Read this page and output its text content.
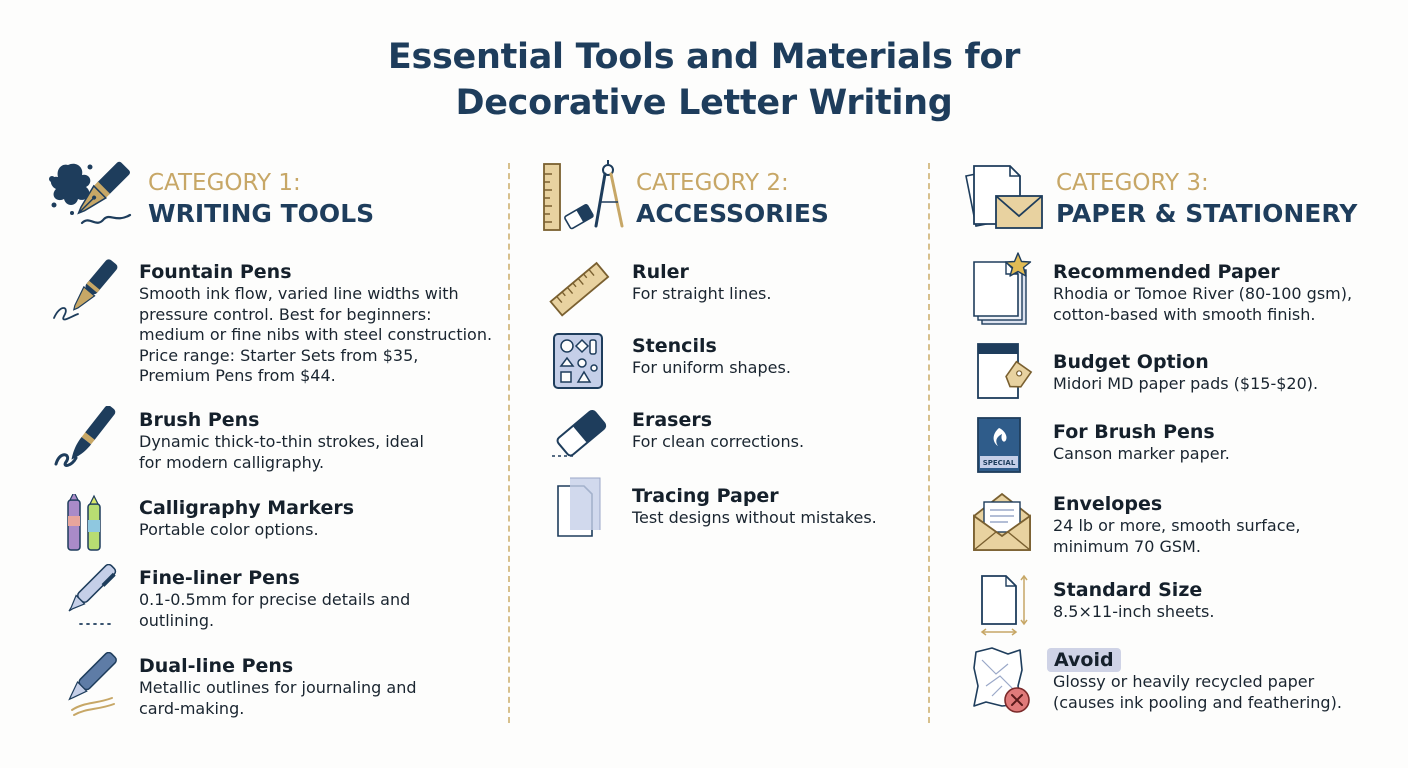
Essential Tools and Materials for
Decorative Letter Writing
CATEGORY 1:
WRITING TOOLS
Fountain Pens
Smooth ink flow, varied line widths with
pressure control. Best for beginners:
medium or fine nibs with steel construction.
Price range: Starter Sets from $35,
Premium Pens from $44.
Brush Pens
Dynamic thick-to-thin strokes, ideal
for modern calligraphy.
Calligraphy Markers
Portable color options.
Fine-liner Pens
0.1-0.5mm for precise details and
outlining.
Dual-line Pens
Metallic outlines for journaling and
card-making.
CATEGORY 2:
ACCESSORIES
Ruler
For straight lines.
Stencils
For uniform shapes.
Erasers
For clean corrections.
Tracing Paper
Test designs without mistakes.
CATEGORY 3:
PAPER & STATIONERY
Recommended Paper
Rhodia or Tomoe River (80-100 gsm),
cotton-based with smooth finish.
Budget Option
Midori MD paper pads ($15-$20).
SPECIAL
For Brush Pens
Canson marker paper.
Envelopes
24 lb or more, smooth surface,
minimum 70 GSM.
Standard Size
8.5×11-inch sheets.
Avoid
Glossy or heavily recycled paper
(causes ink pooling and feathering).
